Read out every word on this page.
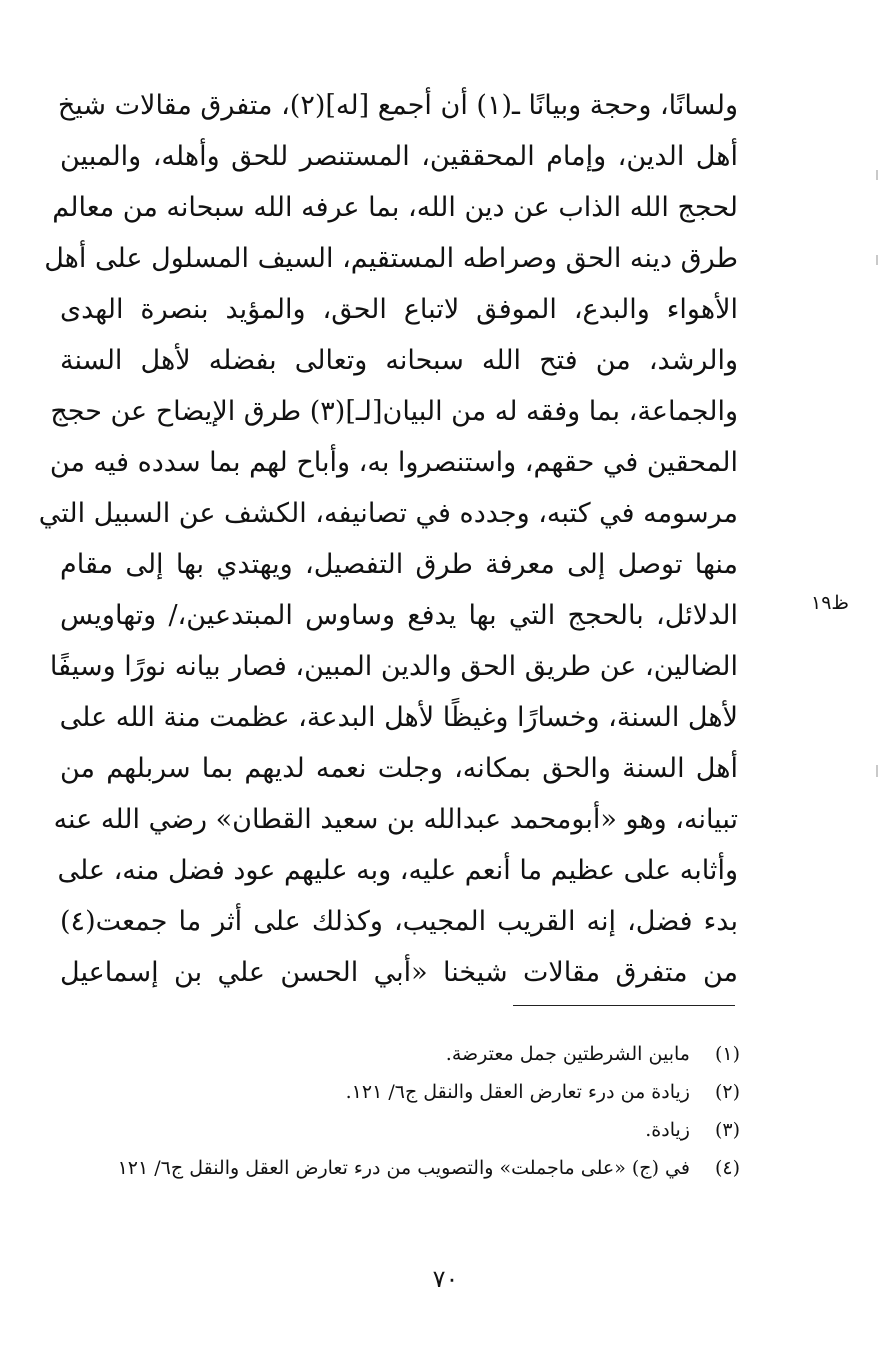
ولسانًا، وحجة وبيانًا ـ(١) أن أجمع [له](٢)، متفرق مقالات شيخ
أهل الدين، وإمام المحققين، المستنصر للحق وأهله، والمبين
لحجج الله الذاب عن دين الله، بما عرفه الله سبحانه من معالم
طرق دينه الحق وصراطه المستقيم، السيف المسلول على أهل
الأهواء والبدع، الموفق لاتباع الحق، والمؤيد بنصرة الهدى
والرشد، من فتح الله سبحانه وتعالى بفضله لأهل السنة
والجماعة، بما وفقه له من البيان[لـ](٣) طرق الإيضاح عن حجج
المحقين في حقهم، واستنصروا به، وأباح لهم بما سدده فيه من
مرسومه في كتبه، وجدده في تصانيفه، الكشف عن السبيل التي
منها توصل إلى معرفة طرق التفصيل، ويهتدي بها إلى مقام
الدلائل، بالحجج التي بها يدفع وساوس المبتدعين،/ وتهاويس
الضالين، عن طريق الحق والدين المبين، فصار بيانه نورًا وسيفًا
لأهل السنة، وخسارًا وغيظًا لأهل البدعة، عظمت منة الله على
أهل السنة والحق بمكانه، وجلت نعمه لديهم بما سربلهم من
تبيانه، وهو «أبومحمد عبدالله بن سعيد القطان» رضي الله عنه
وأثابه على عظيم ما أنعم عليه، وبه عليهم عود فضل منه، على
بدء فضل، إنه القريب المجيب، وكذلك على أثر ما جمعت(٤)
من متفرق مقالات شيخنا «أبي الحسن علي بن إسماعيل
ظ١٩
(١) مابين الشرطتين جمل معترضة.
(٢) زيادة من درء تعارض العقل والنقل ج٦/ ١٢١.
(٣) زيادة.
(٤) في (ج) «على ماجملت» والتصويب من درء تعارض العقل والنقل ج٦/ ١٢١
٧٠
